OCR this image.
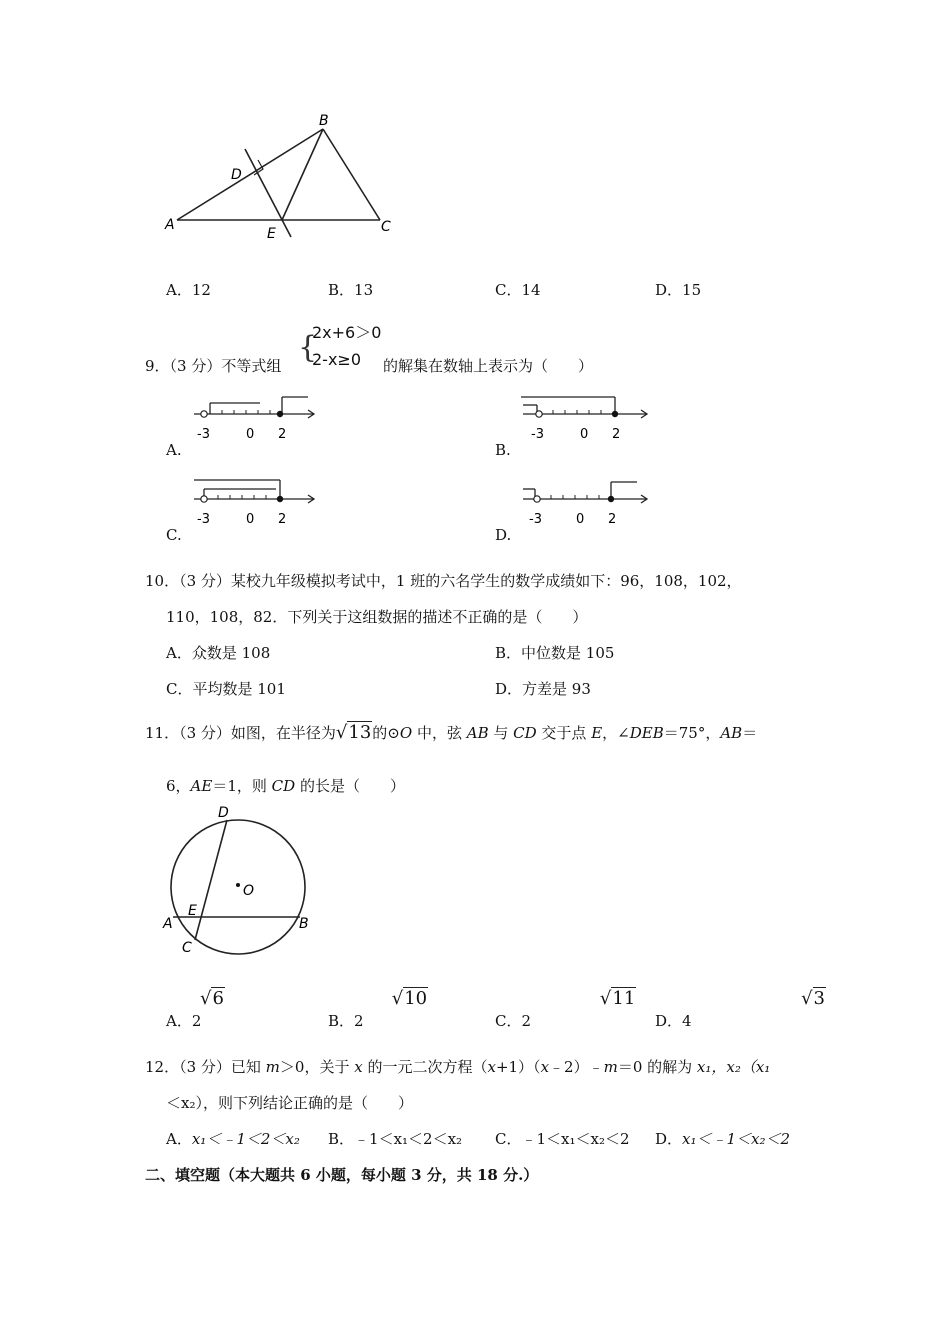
A
B
C
D
E
A．12	B．13	C．14	D．15
9．（3 分）不等式组
{
2x+6＞0
2-x≥0 的解集在数轴上表示为（　　）
-3	0 2
A.
-3	0 2
B.
-3	0 2
C.
-3	0 2
D.
10．（3 分）某校九年级模拟考试中，1 班的六名学生的数学成绩如下：96，108，102，
110，108，82．下列关于这组数据的描述不正确的是（　　）
A．众数是 108	B．中位数是 105
C．平均数是 101	D．方差是 93
11．（3 分）如图，在半径为√13的⊙O 中，弦 AB 与 CD 交于点 E，∠DEB＝75°，AB＝
6，AE＝1，则 CD 的长是（　　）
O
D
A
E
B
C
A．2
√6
B．2
√10
C．2
√11
D．4
√3
12．（3 分）已知 m＞0，关于 x 的一元二次方程（x+1）（x﹣2）﹣m＝0 的解为 x₁，x₂（x₁
＜x₂），则下列结论正确的是（　　）
A．x₁＜﹣1＜2＜x₂ B．﹣1＜x₁＜2＜x₂ C．﹣1＜x₁＜x₂＜2 D．x₁＜﹣1＜x₂＜2
二、填空题（本大题共 6 小题，每小题 3 分，共 18 分.）
